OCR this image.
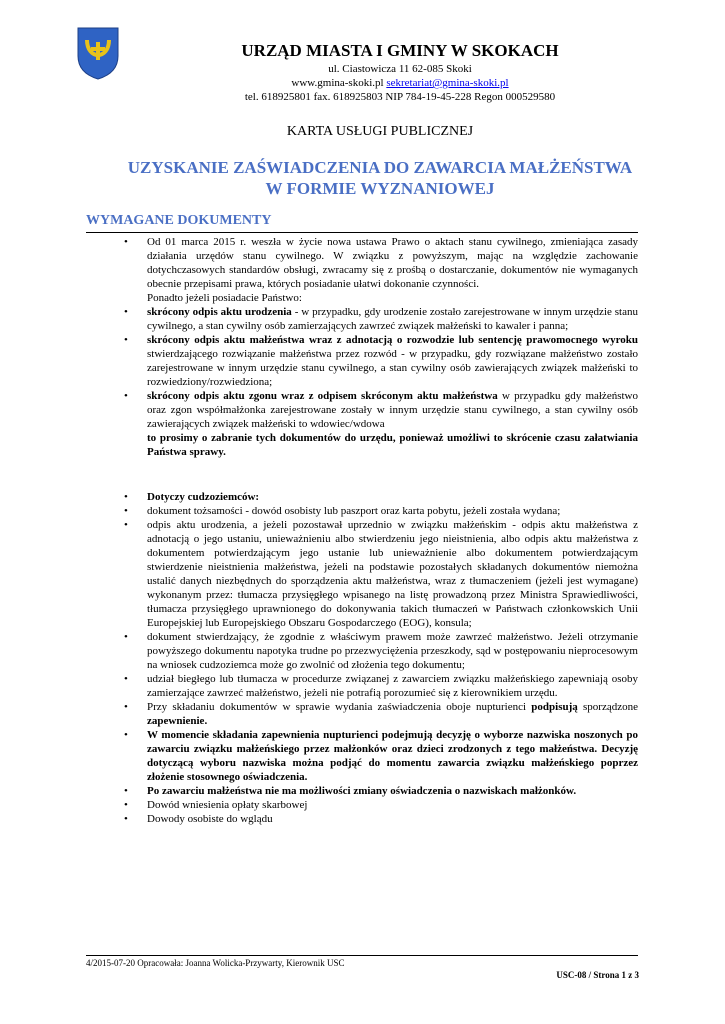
URZĄD MIASTA I GMINY W SKOKACH
ul. Ciastowicza 11 62-085 Skoki
www.gmina-skoki.pl sekretariat@gmina-skoki.pl
tel. 618925801 fax. 618925803 NIP 784-19-45-228 Regon 000529580
KARTA USŁUGI PUBLICZNEJ
UZYSKANIE ZAŚWIADCZENIA DO ZAWARCIA MAŁŻEŃSTWA
W FORMIE WYZNANIOWEJ
WYMAGANE DOKUMENTY
• Od 01 marca 2015 r. weszła w życie nowa ustawa Prawo o aktach stanu cywilnego, zmieniająca zasady działania urzędów stanu cywilnego. W związku z powyższym, mając na względzie zachowanie dotychczasowych standardów obsługi, zwracamy się z prośbą o dostarczanie, dokumentów nie wymaganych obecnie przepisami prawa, których posiadanie ułatwi dokonanie czynności.
Ponadto jeżeli posiadacie Państwo:
• skrócony odpis aktu urodzenia - w przypadku, gdy urodzenie zostało zarejestrowane w innym urzędzie stanu cywilnego, a stan cywilny osób zamierzających zawrzeć związek małżeński to kawaler i panna;
• skrócony odpis aktu małżeństwa wraz z adnotacją o rozwodzie lub sentencję prawomocnego wyroku stwierdzającego rozwiązanie małżeństwa przez rozwód - w przypadku, gdy rozwiązane małżeństwo zostało zarejestrowane w innym urzędzie stanu cywilnego, a stan cywilny osób zawierających związek małżeński to rozwiedziony/rozwiedziona;
• skrócony odpis aktu zgonu wraz z odpisem skróconym aktu małżeństwa w przypadku gdy małżeństwo oraz zgon współmałżonka zarejestrowane zostały w innym urzędzie stanu cywilnego, a stan cywilny osób zawierających związek małżeński to wdowiec/wdowa
to prosimy o zabranie tych dokumentów do urzędu, ponieważ umożliwi to skrócenie czasu załatwiania Państwa sprawy.
• Dotyczy cudzoziemców:
• dokument tożsamości - dowód osobisty lub paszport oraz karta pobytu, jeżeli została wydana;
• odpis aktu urodzenia, a jeżeli pozostawał uprzednio w związku małżeńskim - odpis aktu małżeństwa z adnotacją o jego ustaniu, unieważnieniu albo stwierdzeniu jego nieistnienia, albo odpis aktu małżeństwa z dokumentem potwierdzającym jego ustanie lub unieważnienie albo dokumentem potwierdzającym stwierdzenie nieistnienia małżeństwa, jeżeli na podstawie pozostałych składanych dokumentów niemożna ustalić danych niezbędnych do sporządzenia aktu małżeństwa, wraz z tłumaczeniem (jeżeli jest wymagane) wykonanym przez: tłumacza przysięgłego wpisanego na listę prowadzoną przez Ministra Sprawiedliwości, tłumacza przysięgłego uprawnionego do dokonywania takich tłumaczeń w Państwach członkowskich Unii Europejskiej lub Europejskiego Obszaru Gospodarczego (EOG), konsula;
• dokument stwierdzający, że zgodnie z właściwym prawem może zawrzeć małżeństwo. Jeżeli otrzymanie powyższego dokumentu napotyka trudne po przezwyciężenia przeszkody, sąd w postępowaniu nieprocesowym na wniosek cudzoziemca może go zwolnić od złożenia tego dokumentu;
• udział biegłego lub tłumacza w procedurze związanej z zawarciem związku małżeńskiego zapewniają osoby zamierzające zawrzeć małżeństwo, jeżeli nie potrafią porozumieć się z kierownikiem urzędu.
• Przy składaniu dokumentów w sprawie wydania zaświadczenia oboje nupturienci podpisują sporządzone zapewnienie.
• W momencie składania zapewnienia nupturienci podejmują decyzję o wyborze nazwiska noszonych po zawarciu związku małżeńskiego przez małżonków oraz dzieci zrodzonych z tego małżeństwa. Decyzję dotyczącą wyboru nazwiska można podjąć do momentu zawarcia związku małżeńskiego poprzez złożenie stosownego oświadczenia.
• Po zawarciu małżeństwa nie ma możliwości zmiany oświadczenia o nazwiskach małżonków.
• Dowód wniesienia opłaty skarbowej
• Dowody osobiste do wglądu
4/2015-07-20 Opracowała: Joanna Wolicka-Przywarty, Kierownik USC
USC-08 / Strona 1 z 3
